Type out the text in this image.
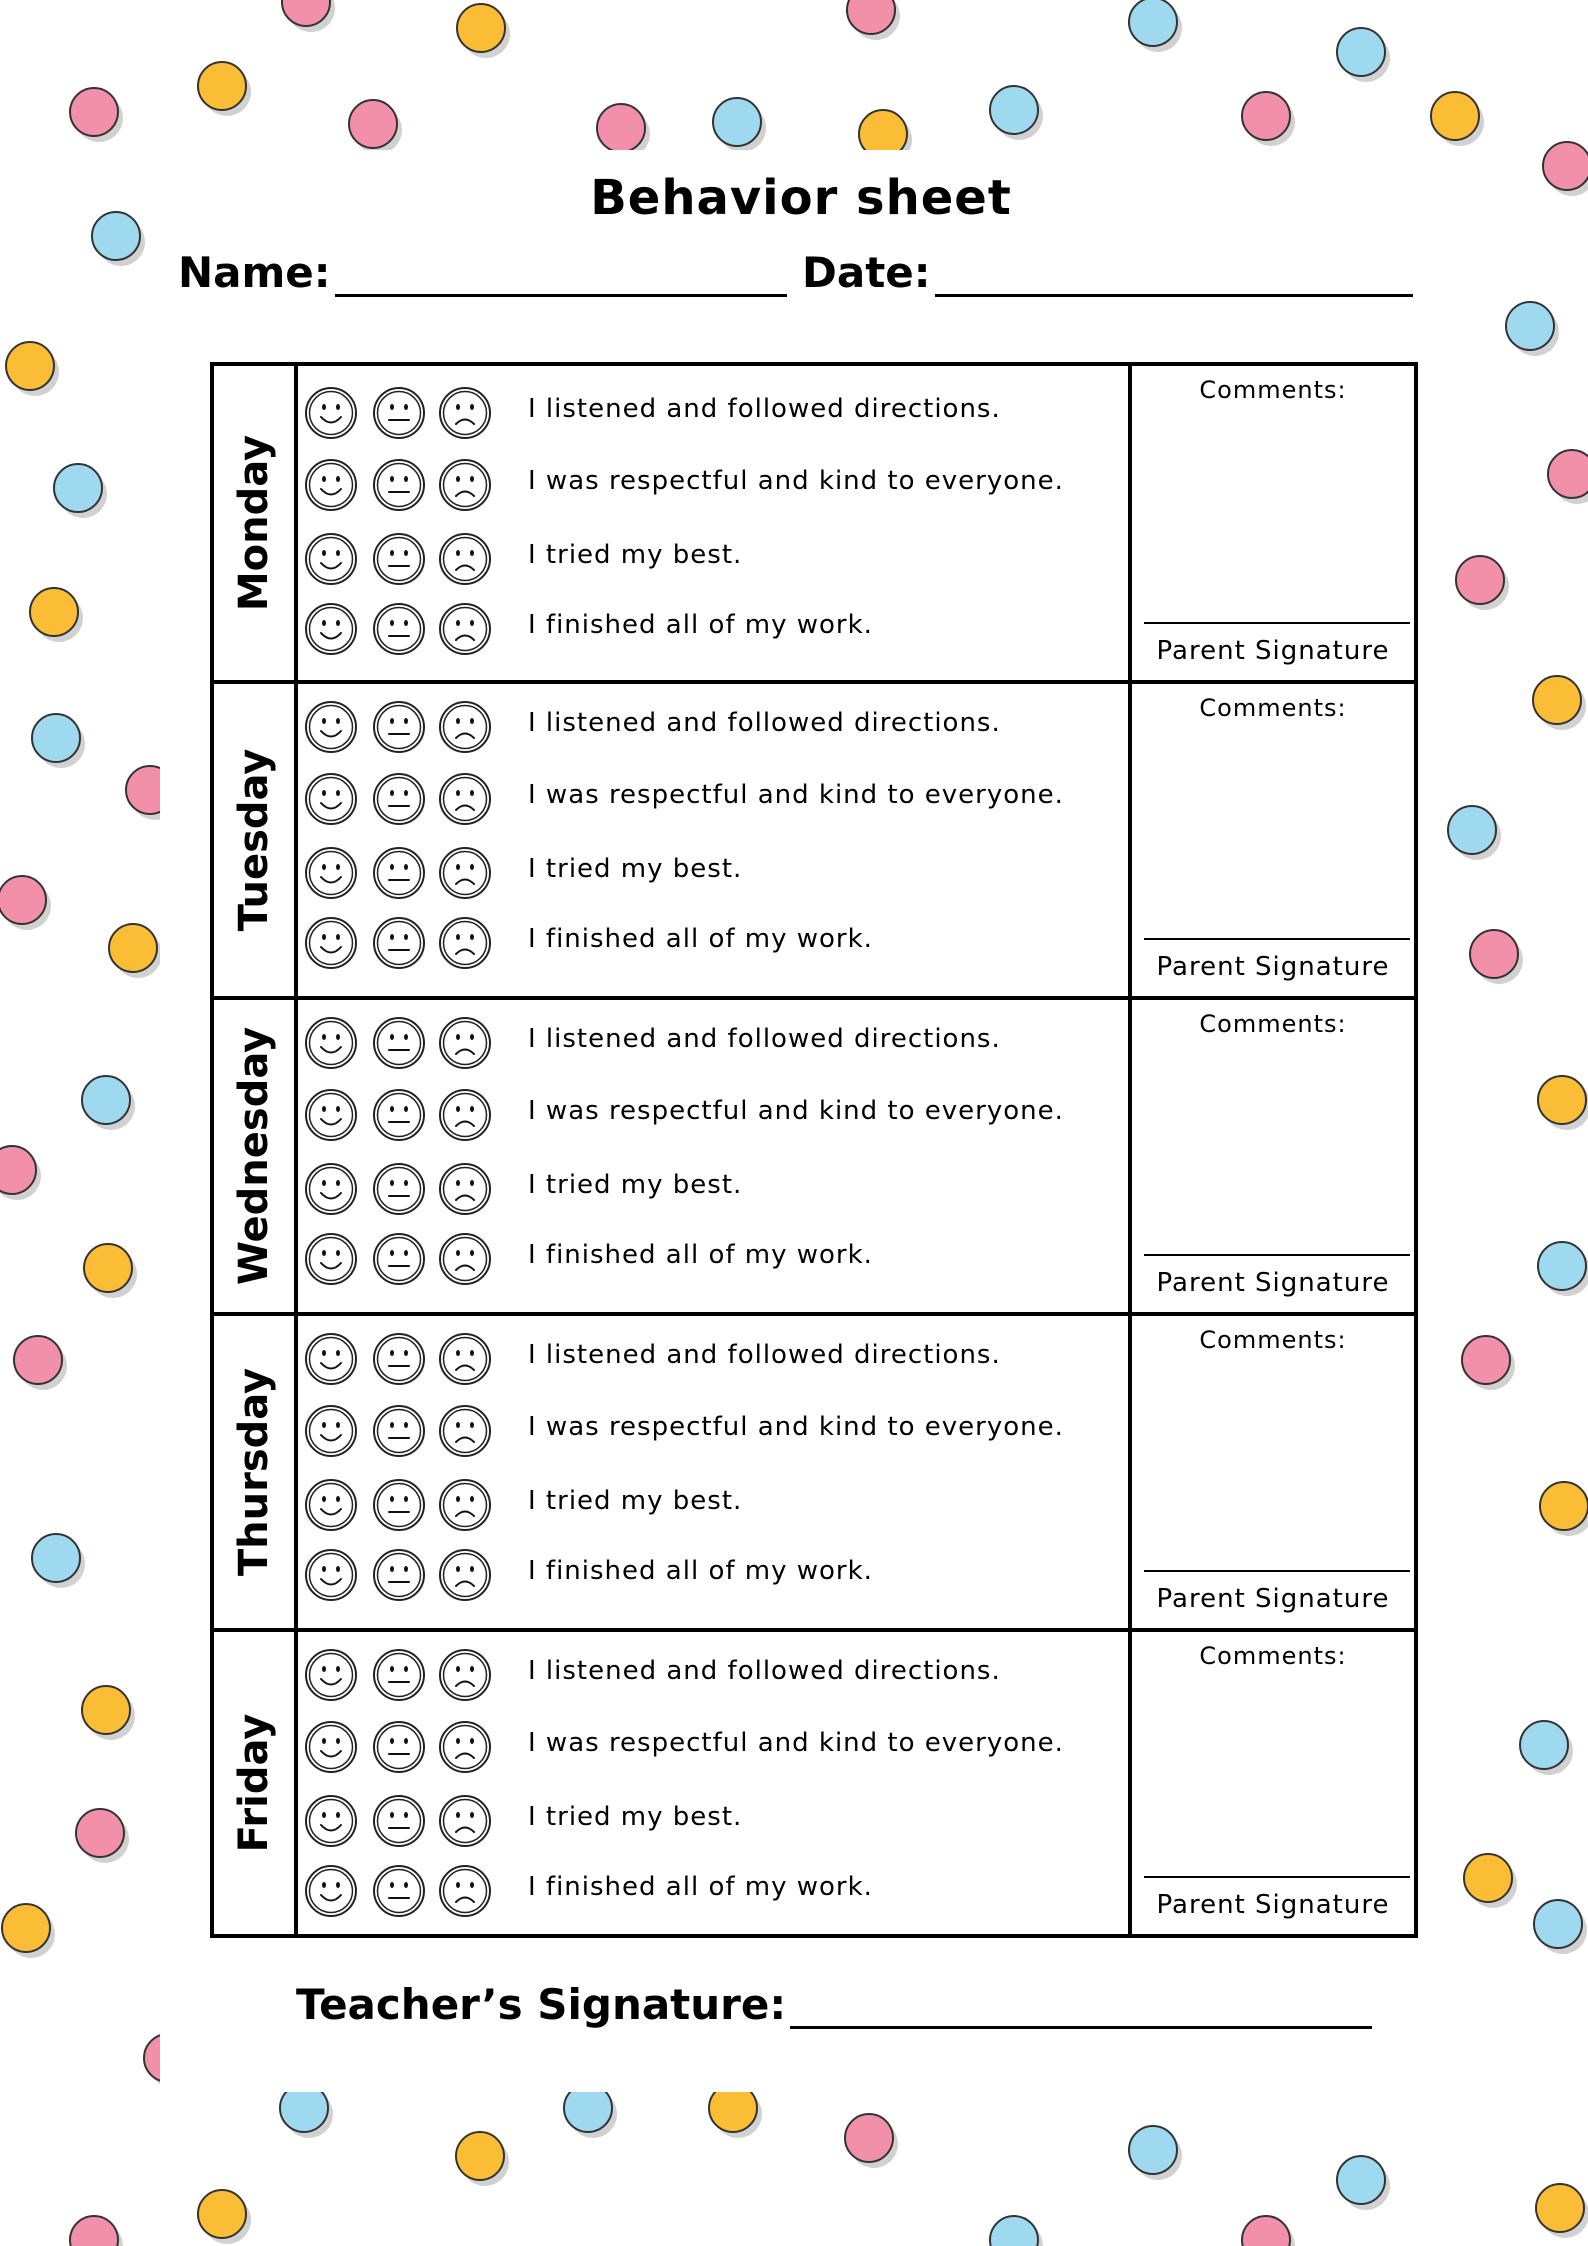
Behavior sheet
Name:	Date:
Monday
I listened and followed directions.
I was respectful and kind to everyone.
I tried my best.
I finished all of my work.
Comments:
Parent Signature
Tuesday
I listened and followed directions.
I was respectful and kind to everyone.
I tried my best.
I finished all of my work.
Comments:
Parent Signature
Wednesday	I listened and followed directions.
I was respectful and kind to everyone.
I tried my best.
I finished all of my work.
Comments:
Parent Signature
Thursday
I listened and followed directions.
I was respectful and kind to everyone.
I tried my best.
I finished all of my work.
Comments:
Parent Signature
Friday
I listened and followed directions.
I was respectful and kind to everyone.
I tried my best.
I finished all of my work.
Comments:
Parent Signature
Teacher’s Signature:
